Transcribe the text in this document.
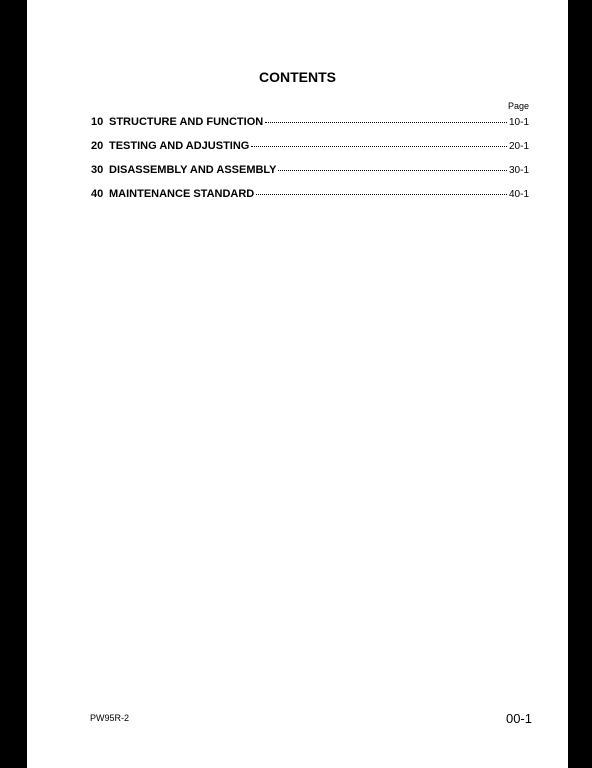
CONTENTS
Page
10 STRUCTURE AND FUNCTION	10-1
20 TESTING AND ADJUSTING	20-1
30 DISASSEMBLY AND ASSEMBLY	30-1
40 MAINTENANCE STANDARD	40-1
PW95R-2	00-1
